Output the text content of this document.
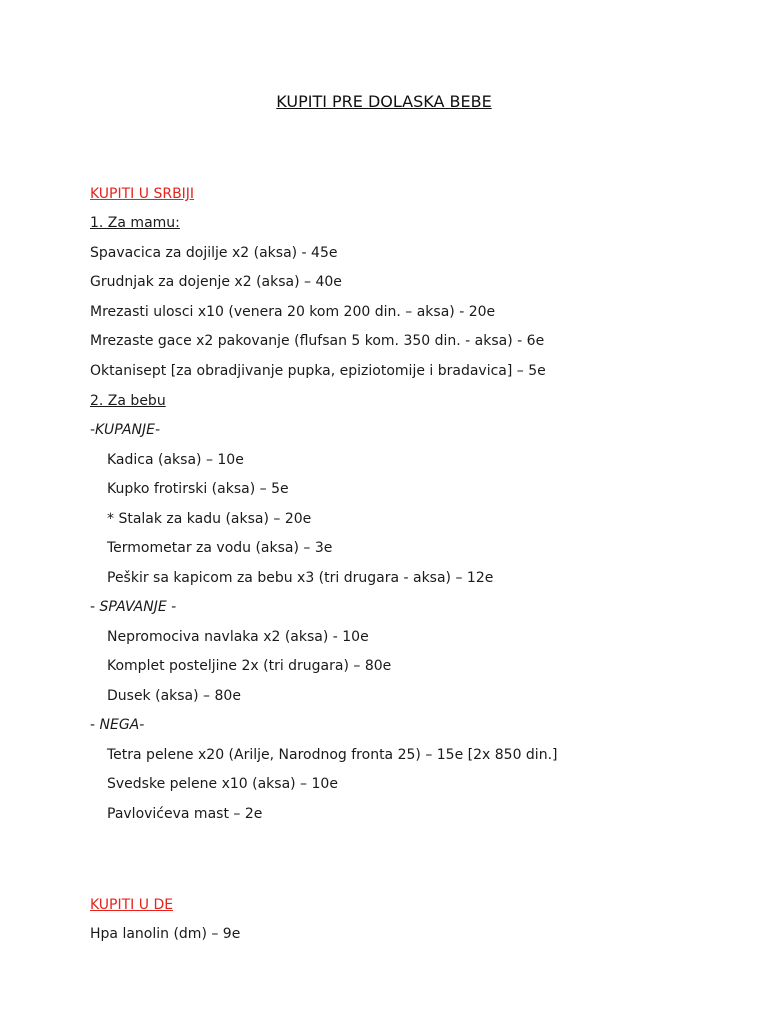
KUPITI PRE DOLASKA BEBE
KUPITI U SRBIJI
1. Za mamu:
Spavacica za dojilje x2 (aksa) - 45e
Grudnjak za dojenje x2 (aksa) – 40e
Mrezasti ulosci x10 (venera 20 kom 200 din. – aksa) - 20e
Mrezaste gace x2 pakovanje (flufsan 5 kom. 350 din. - aksa) - 6e
Oktanisept [za obradjivanje pupka, epiziotomije i bradavica] – 5e
2. Za bebu
-KUPANJE-
Kadica (aksa) – 10e
Kupko frotirski (aksa) – 5e
* Stalak za kadu (aksa) – 20e
Termometar za vodu (aksa) – 3e
Peškir sa kapicom za bebu x3 (tri drugara - aksa) – 12e
- SPAVANJE -
Nepromociva navlaka x2 (aksa) - 10e
Komplet posteljine 2x (tri drugara) – 80e
Dusek (aksa) – 80e
- NEGA-
Tetra pelene x20 (Arilje, Narodnog fronta 25) – 15e [2x 850 din.]
Svedske pelene x10 (aksa) – 10e
Pavlovićeva mast – 2e
KUPITI U DE
Hpa lanolin (dm) – 9e
